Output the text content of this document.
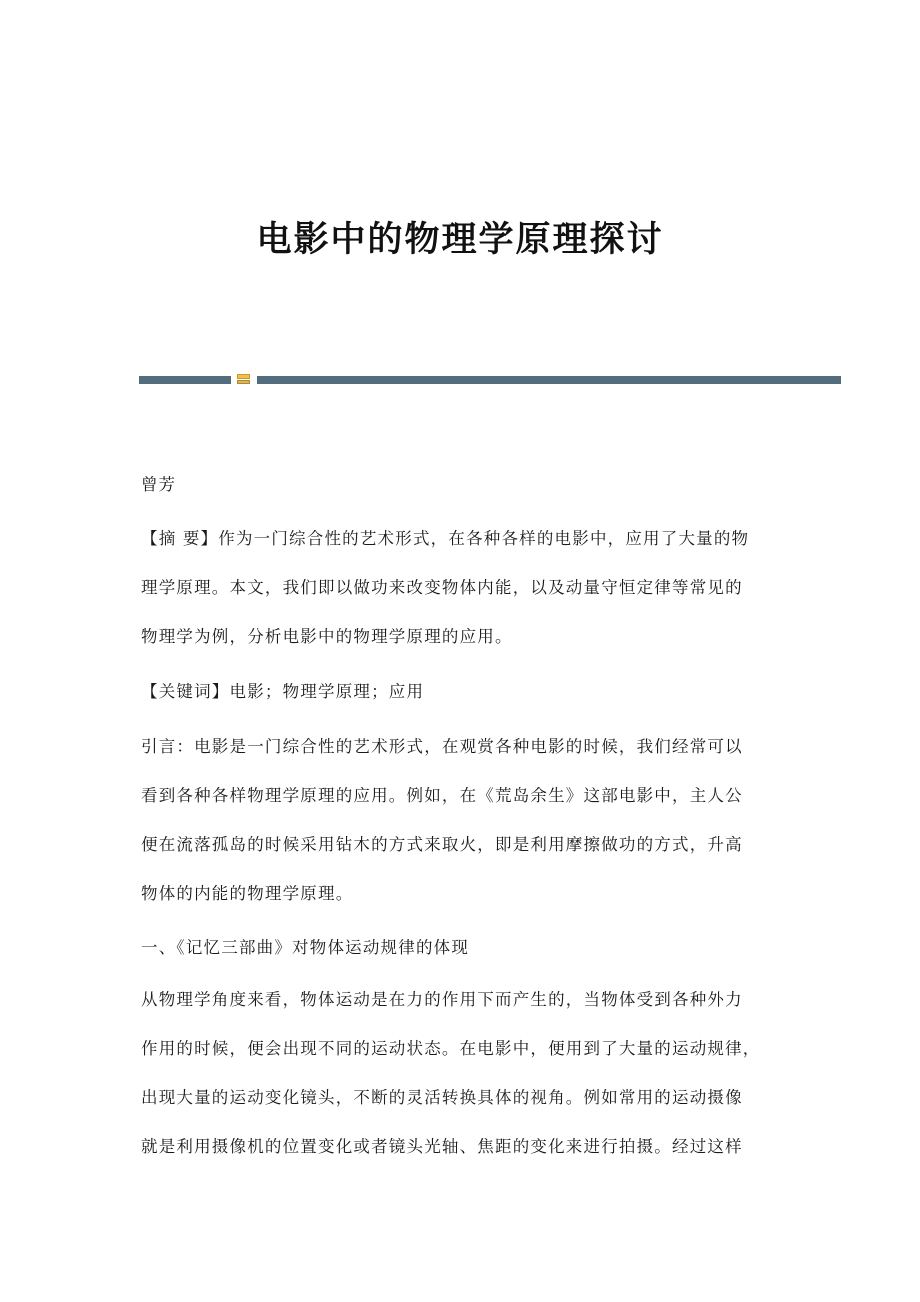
电影中的物理学原理探讨
曾芳
【摘 要】作为一门综合性的艺术形式，在各种各样的电影中，应用了大量的物
理学原理。本文，我们即以做功来改变物体内能，以及动量守恒定律等常见的
物理学为例，分析电影中的物理学原理的应用。
【关键词】电影；物理学原理；应用
引言：电影是一门综合性的艺术形式，在观赏各种电影的时候，我们经常可以
看到各种各样物理学原理的应用。例如，在《荒岛余生》这部电影中，主人公
便在流落孤岛的时候采用钻木的方式来取火，即是利用摩擦做功的方式，升高
物体的内能的物理学原理。
一、《记忆三部曲》对物体运动规律的体现
从物理学角度来看，物体运动是在力的作用下而产生的，当物体受到各种外力
作用的时候，便会出现不同的运动状态。在电影中，便用到了大量的运动规律，
出现大量的运动变化镜头，不断的灵活转换具体的视角。例如常用的运动摄像
就是利用摄像机的位置变化或者镜头光轴、焦距的变化来进行拍摄。经过这样
